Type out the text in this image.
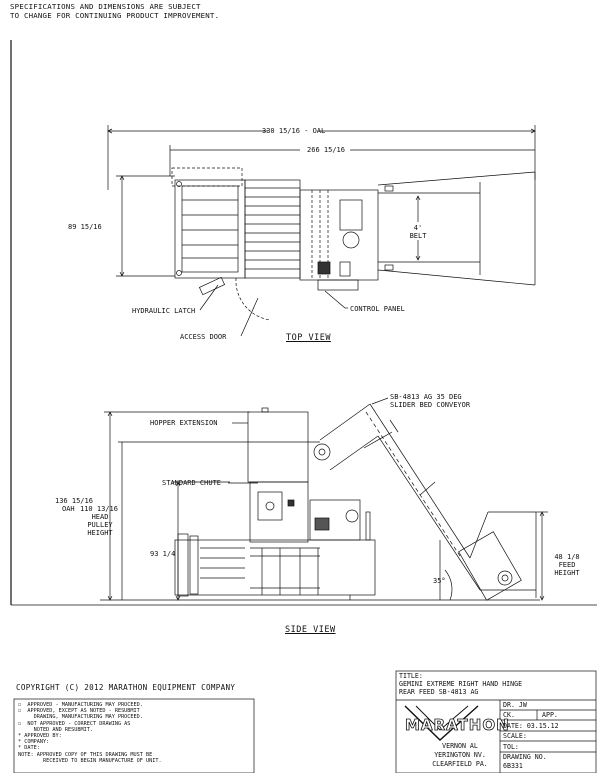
SPECIFICATIONS AND DIMENSIONS ARE SUBJECT
TO CHANGE FOR CONTINUING PRODUCT IMPROVEMENT.
330 15/16 - OAL
266 15/16
89 15/16	4'
BELT
HYDRAULIC LATCH
ACCESS DOOR
CONTROL PANEL
TOP VIEW
SB-4813 AG 35 DEG
SLIDER BED CONVEYOR
HOPPER EXTENSION
STANDARD CHUTE
136 15/16
OAH 110 13/16
HEAD
PULLEY
HEIGHT
93 1/4	48 1/8
FEED
HEIGHT
35°
SIDE VIEW
COPYRIGHT (C) 2012 MARATHON EQUIPMENT COMPANY
☐  APPROVED - MANUFACTURING MAY PROCEED.
☐  APPROVED, EXCEPT AS NOTED - RESUBMIT
DRAWING, MANUFACTURING MAY PROCEED.
☐  NOT APPROVED - CORRECT DRAWING AS
NOTED AND RESUBMIT.
* APPROVED BY:
* COMPANY:
* DATE:
NOTE: APPROVED COPY OF THIS DRAWING MUST BE
RECEIVED TO BEGIN MANUFACTURE OF UNIT.
TITLE:
GEMINI EXTREME RIGHT HAND HINGE
REAR FEED SB-4813 AG
MARATHON
VERNON AL
YERINGTON NV.
CLEARFIELD PA.
DR. JW
CK.	APP.
DATE: 03.15.12
SCALE:
TOL:
DRAWING NO.
6B331
